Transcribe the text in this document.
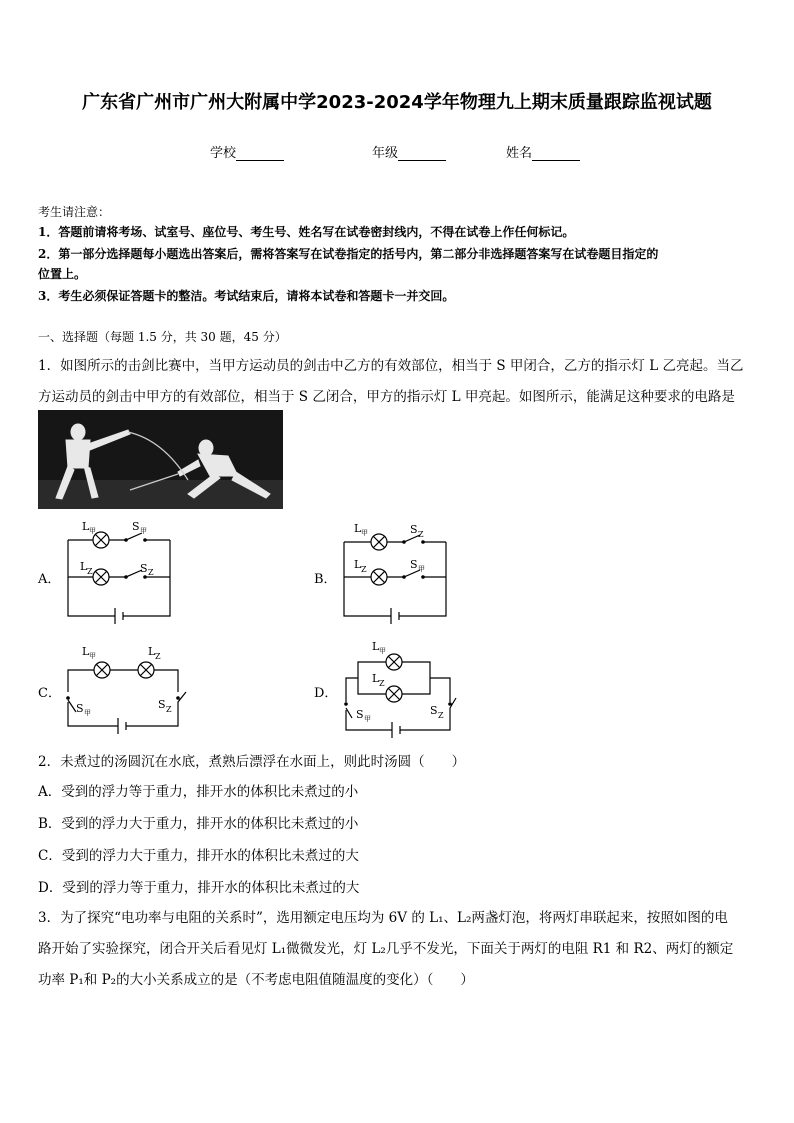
广东省广州市广州大附属中学2023-2024学年物理九上期末质量跟踪监视试题
学校	年级	姓名
考生请注意：
1．答题前请将考场、试室号、座位号、考生号、姓名写在试卷密封线内，不得在试卷上作任何标记。
2．第一部分选择题每小题选出答案后，需将答案写在试卷指定的括号内，第二部分非选择题答案写在试卷题目指定的
位置上。
3．考生必须保证答题卡的整洁。考试结束后，请将本试卷和答题卡一并交回。
一、选择题（每题 1.5 分，共 30 题，45 分）
1．如图所示的击剑比赛中，当甲方运动员的剑击中乙方的有效部位，相当于 S 甲闭合，乙方的指示灯 L 乙亮起。当乙
方运动员的剑击中甲方的有效部位，相当于 S 乙闭合，甲方的指示灯 L 甲亮起。如图所示，能满足这种要求的电路是
A．
L 甲	S 甲
L Z	S Z	B．
L 甲	S Z
L Z	S 甲
C．
L 甲	L Z
S 甲
S Z
D．
L 甲
L Z
S 甲
S Z
2．未煮过的汤圆沉在水底，煮熟后漂浮在水面上，则此时汤圆（　　）
A．受到的浮力等于重力，排开水的体积比未煮过的小
B．受到的浮力大于重力，排开水的体积比未煮过的小
C．受到的浮力大于重力，排开水的体积比未煮过的大
D．受到的浮力等于重力，排开水的体积比未煮过的大
3．为了探究“电功率与电阻的关系时”，选用额定电压均为 6V 的 L₁、L₂两盏灯泡，将两灯串联起来，按照如图的电
路开始了实验探究，闭合开关后看见灯 L₁微微发光，灯 L₂几乎不发光，下面关于两灯的电阻 R1 和 R2、两灯的额定
功率 P₁和 P₂的大小关系成立的是（不考虑电阻值随温度的变化）（　　）
